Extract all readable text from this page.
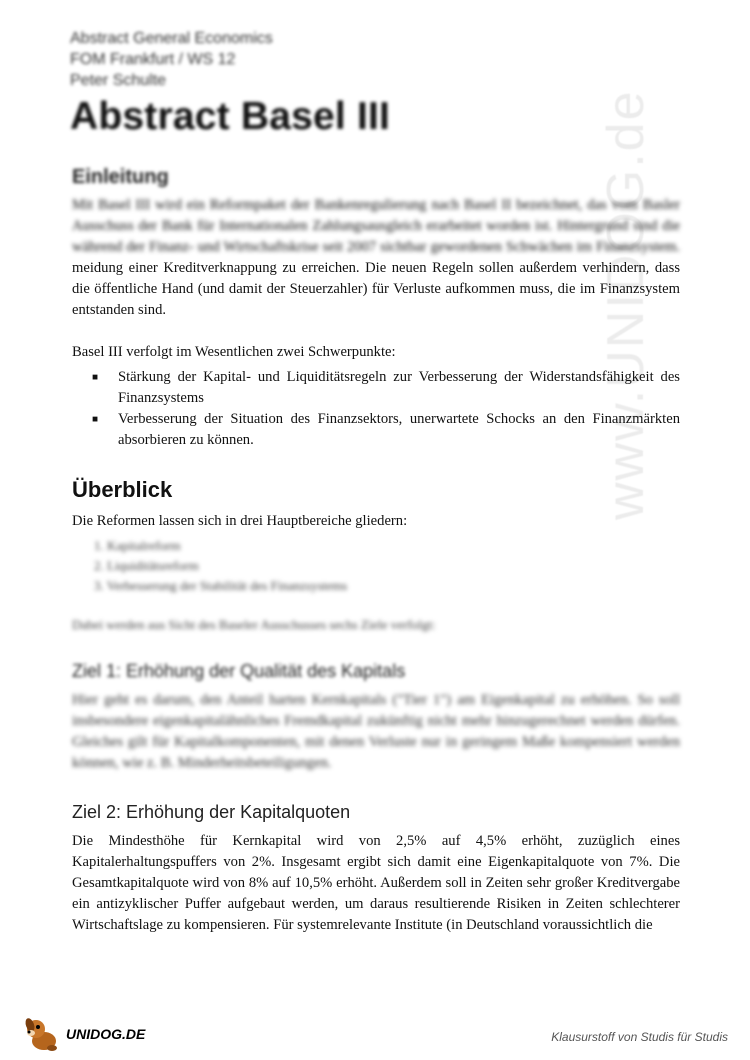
www.UNIDOG.de
Abstract General Economics
FOM Frankfurt / WS 12
Peter Schulte
Abstract Basel III
Einleitung

Mit Basel III wird ein Reformpaket der Bankenregulierung nach Basel II bezeichnet, das vom Basler Ausschuss der Bank für Internationalen Zahlungsausgleich erarbeitet worden ist. Hintergrund sind die während der Finanz- und Wirtschaftskrise seit 2007 sichtbar gewordenen Schwächen im Finanzsystem.

meidung einer Kreditverknappung zu erreichen. Die neuen Regeln sollen außerdem verhindern, dass die öffentliche Hand (und damit der Steuerzahler) für Verluste aufkommen muss, die im Finanzsystem entstanden sind.

Basel III verfolgt im Wesentlichen zwei Schwerpunkte:

■ Stärkung der Kapital- und Liquiditätsregeln zur Verbesserung der Widerstandsfähigkeit des Finanzsystems
■ Verbesserung der Situation des Finanzsektors, unerwartete Schocks an den Finanzmärkten absorbieren zu können.
Überblick

Die Reformen lassen sich in drei Hauptbereiche gliedern:

1. Kapitalreform
2. Liquiditätsreform
3. Verbesserung der Stabilität des Finanzsystems

Dabei werden aus Sicht des Baseler Ausschusses sechs Ziele verfolgt:

Ziel 1: Erhöhung der Qualität des Kapitals

Hier geht es darum, den Anteil harten Kernkapitals ("Tier 1") am Eigenkapital zu erhöhen. So soll insbesondere eigenkapitalähnliches Fremdkapital zukünftig nicht mehr hinzugerechnet werden dürfen. Gleiches gilt für Kapitalkomponenten, mit denen Verluste nur in geringem Maße kompensiert werden können, wie z. B. Minderheitsbeteiligungen.

Ziel 2: Erhöhung der Kapitalquoten

Die Mindesthöhe für Kernkapital wird von 2,5% auf 4,5% erhöht, zuzüglich eines Kapitalerhaltungspuffers von 2%. Insgesamt ergibt sich damit eine Eigenkapitalquote von 7%. Die Gesamtkapitalquote wird von 8% auf 10,5% erhöht. Außerdem soll in Zeiten sehr großer Kreditvergabe ein antizyklischer Puffer aufgebaut werden, um daraus resultierende Risiken in Zeiten schlechterer Wirtschaftslage zu kompensieren. Für systemrelevante Institute (in Deutschland voraussichtlich die

UNIDOG.DE	Klausurstoff von Studis für Studis
